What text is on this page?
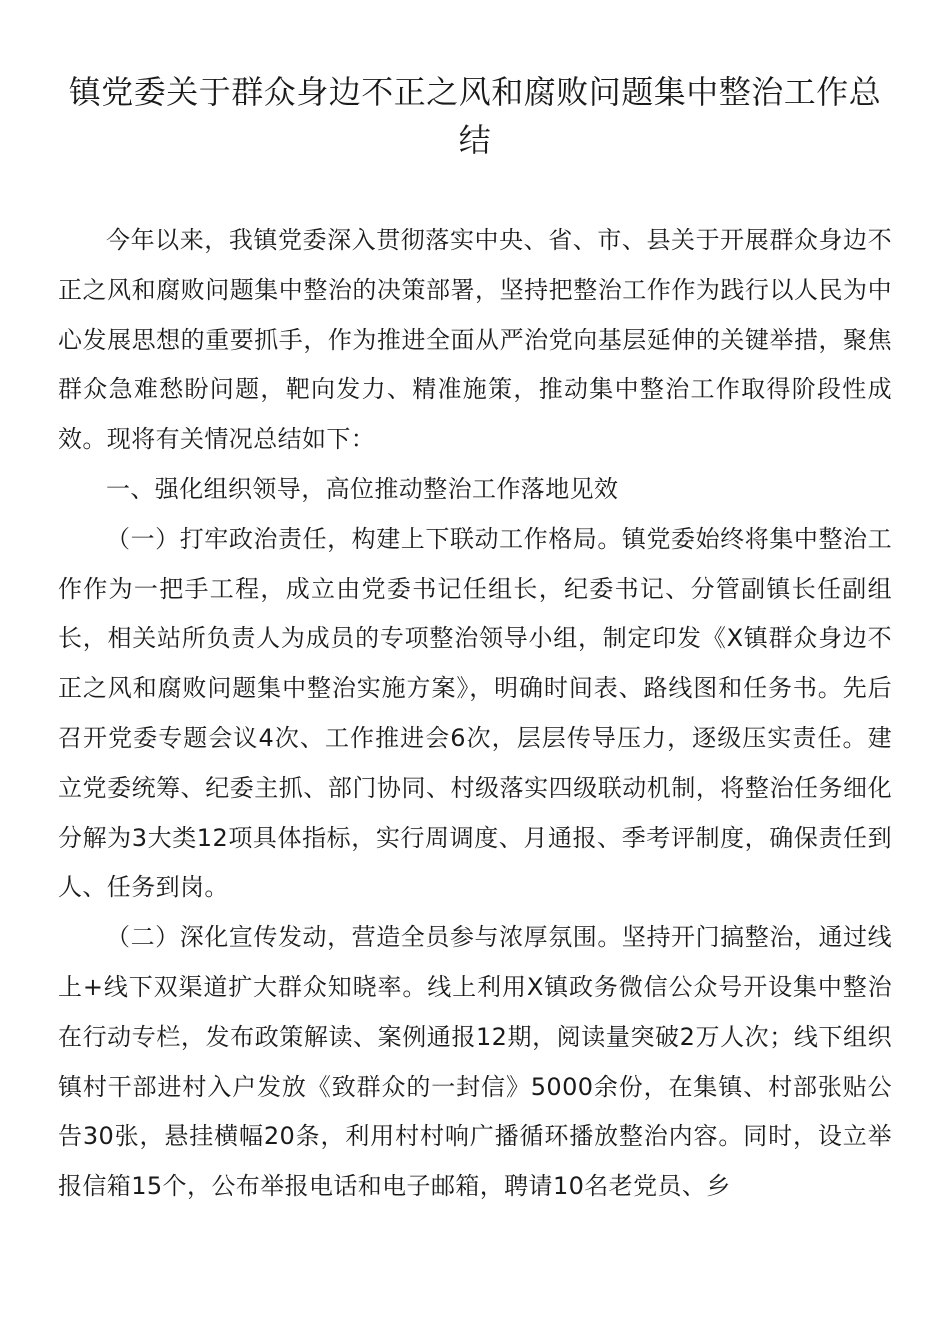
镇党委关于群众身边不正之风和腐败问题集中整治工作总结

今年以来，我镇党委深入贯彻落实中央、省、市、县关于开展群众身边不正之风和腐败问题集中整治的决策部署，坚持把整治工作作为践行以人民为中心发展思想的重要抓手，作为推进全面从严治党向基层延伸的关键举措，聚焦群众急难愁盼问题，靶向发力、精准施策，推动集中整治工作取得阶段性成效。现将有关情况总结如下：

一、强化组织领导，高位推动整治工作落地见效

（一）打牢政治责任，构建上下联动工作格局。镇党委始终将集中整治工作作为一把手工程，成立由党委书记任组长，纪委书记、分管副镇长任副组长，相关站所负责人为成员的专项整治领导小组，制定印发《X镇群众身边不正之风和腐败问题集中整治实施方案》，明确时间表、路线图和任务书。先后召开党委专题会议4次、工作推进会6次，层层传导压力，逐级压实责任。建立党委统筹、纪委主抓、部门协同、村级落实四级联动机制，将整治任务细化分解为3大类12项具体指标，实行周调度、月通报、季考评制度，确保责任到人、任务到岗。

（二）深化宣传发动，营造全员参与浓厚氛围。坚持开门搞整治，通过线上+线下双渠道扩大群众知晓率。线上利用X镇政务微信公众号开设集中整治在行动专栏，发布政策解读、案例通报12期，阅读量突破2万人次；线下组织镇村干部进村入户发放《致群众的一封信》5000余份，在集镇、村部张贴公告30张，悬挂横幅20条，利用村村响广播循环播放整治内容。同时，设立举报信箱15个，公布举报电话和电子邮箱，聘请10名老党员、乡
